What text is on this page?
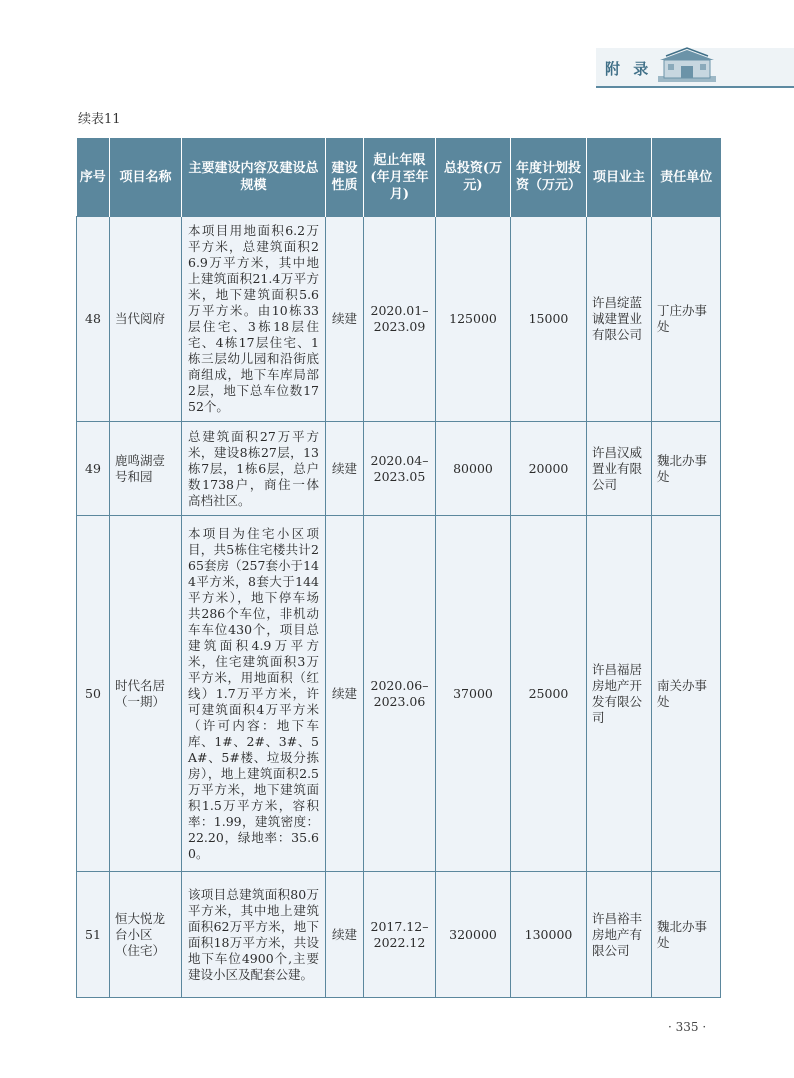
附 录
续表11
序号	项目名称	主要建设内容及建设总规模	建设性质	起止年限(年月至年月)	总投资(万元)	年度计划投资（万元）	项目业主	责任单位
48	当代阅府	本项目用地面积6.2万平方米，总建筑面积26.9万平方米，其中地上建筑面积21.4万平方米，地下建筑面积5.6万平方米。由10栋33层住宅、3栋18层住宅、4栋17层住宅、1栋三层幼儿园和沿街底商组成，地下车库局部2层，地下总车位数1752个。	续建	2020.01–2023.09	125000	15000	许昌绽蓝诚建置业有限公司	丁庄办事处
49	鹿鸣湖壹号和园	总建筑面积27万平方米，建设8栋27层，13栋7层，1栋6层，总户数1738户，商住一体高档社区。	续建	2020.04–2023.05	80000	20000	许昌汉威置业有限公司	魏北办事处
50	时代名居（一期）	本项目为住宅小区项目，共5栋住宅楼共计265套房（257套小于144平方米，8套大于144平方米），地下停车场共286个车位，非机动车车位430个，项目总建筑面积4.9万平方米，住宅建筑面积3万平方米，用地面积（红线）1.7万平方米，许可建筑面积4万平方米（许可内容：地下车库、1#、2#、3#、5A#、5#楼、垃圾分拣房），地上建筑面积2.5万平方米，地下建筑面积1.5万平方米，容积率：1.99，建筑密度：22.20，绿地率：35.60。	续建	2020.06–2023.06	37000	25000	许昌福居房地产开发有限公司	南关办事处
51	恒大悦龙台小区（住宅）	该项目总建筑面积80万平方米，其中地上建筑面积62万平方米，地下面积18万平方米，共设地下车位4900个,主要建设小区及配套公建。	续建	2017.12–2022.12	320000	130000	许昌裕丰房地产有限公司	魏北办事处
· 335 ·
